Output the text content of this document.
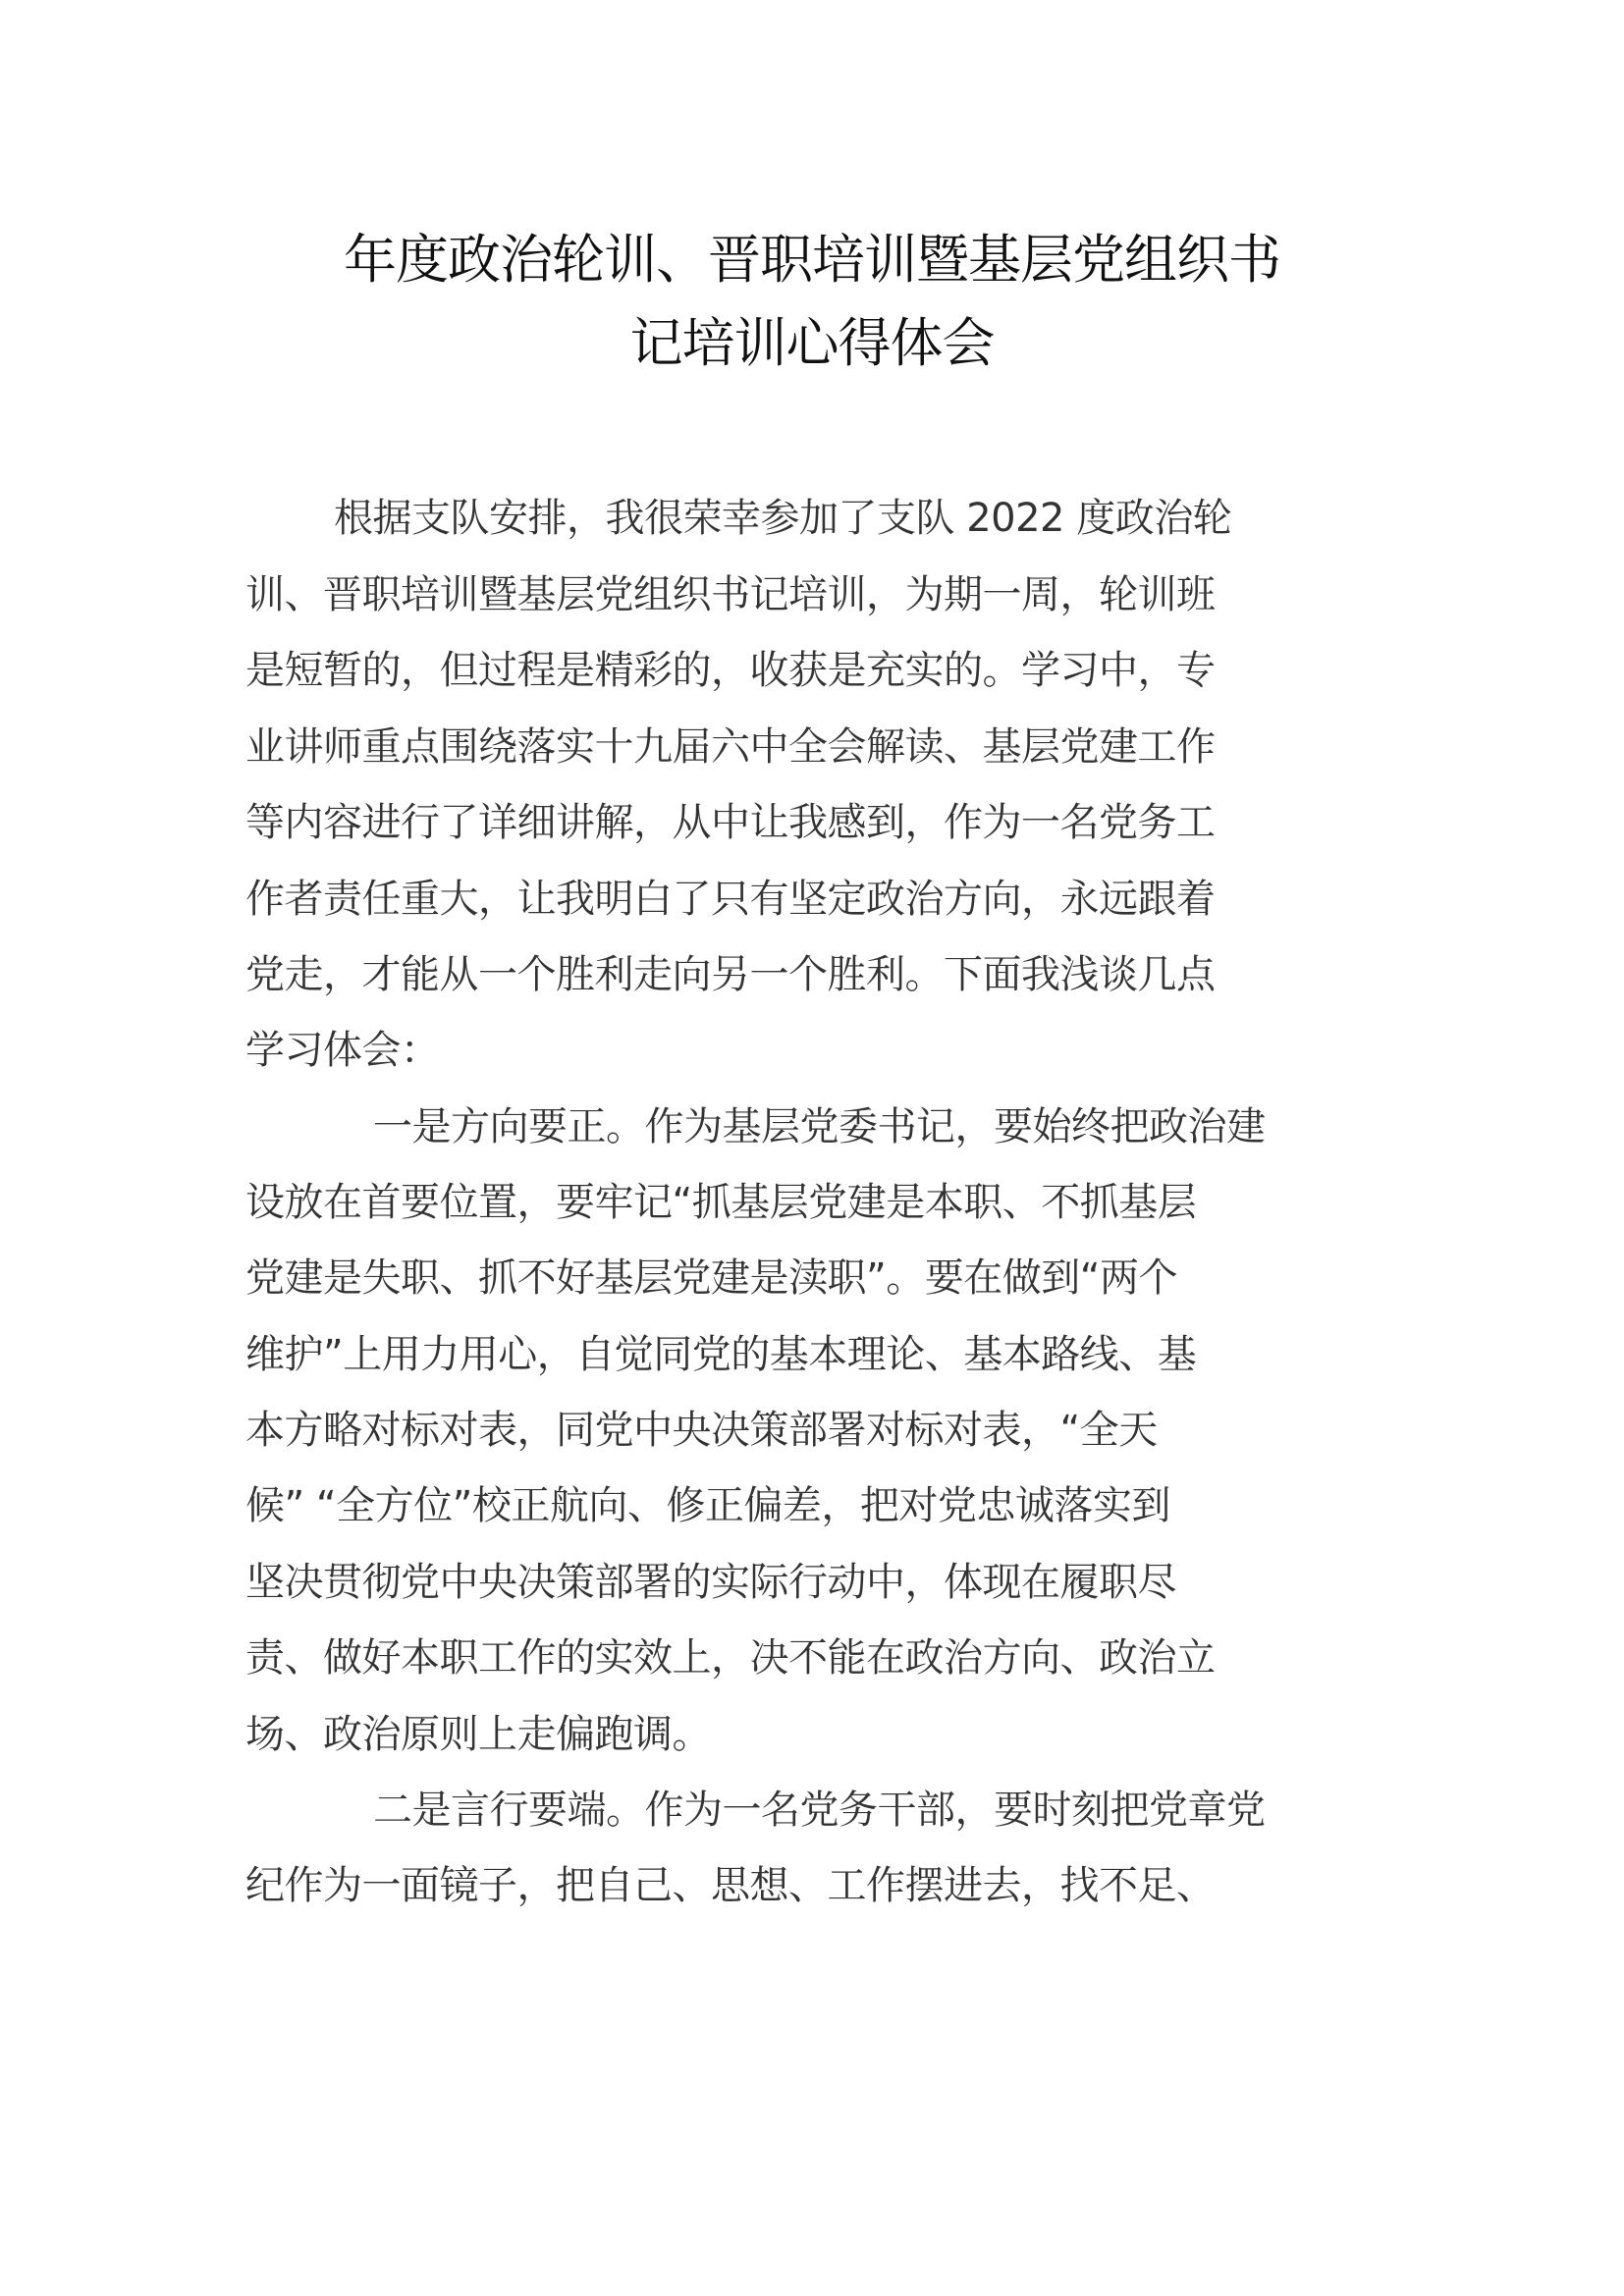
年度政治轮训、晋职培训暨基层党组织书
记培训心得体会
根据支队安排，我很荣幸参加了支队 2022 度政治轮
训、晋职培训暨基层党组织书记培训，为期一周，轮训班
是短暂的，但过程是精彩的，收获是充实的。学习中，专
业讲师重点围绕落实十九届六中全会解读、基层党建工作
等内容进行了详细讲解，从中让我感到，作为一名党务工
作者责任重大，让我明白了只有坚定政治方向，永远跟着
党走，才能从一个胜利走向另一个胜利。下面我浅谈几点
学习体会：
一是方向要正。作为基层党委书记，要始终把政治建
设放在首要位置，要牢记“抓基层党建是本职、不抓基层
党建是失职、抓不好基层党建是渎职”。要在做到“两个
维护”上用力用心，自觉同党的基本理论、基本路线、基
本方略对标对表，同党中央决策部署对标对表，“全天
候” “全方位”校正航向、修正偏差，把对党忠诚落实到
坚决贯彻党中央决策部署的实际行动中，体现在履职尽
责、做好本职工作的实效上，决不能在政治方向、政治立
场、政治原则上走偏跑调。
二是言行要端。作为一名党务干部，要时刻把党章党
纪作为一面镜子，把自己、思想、工作摆进去，找不足、
